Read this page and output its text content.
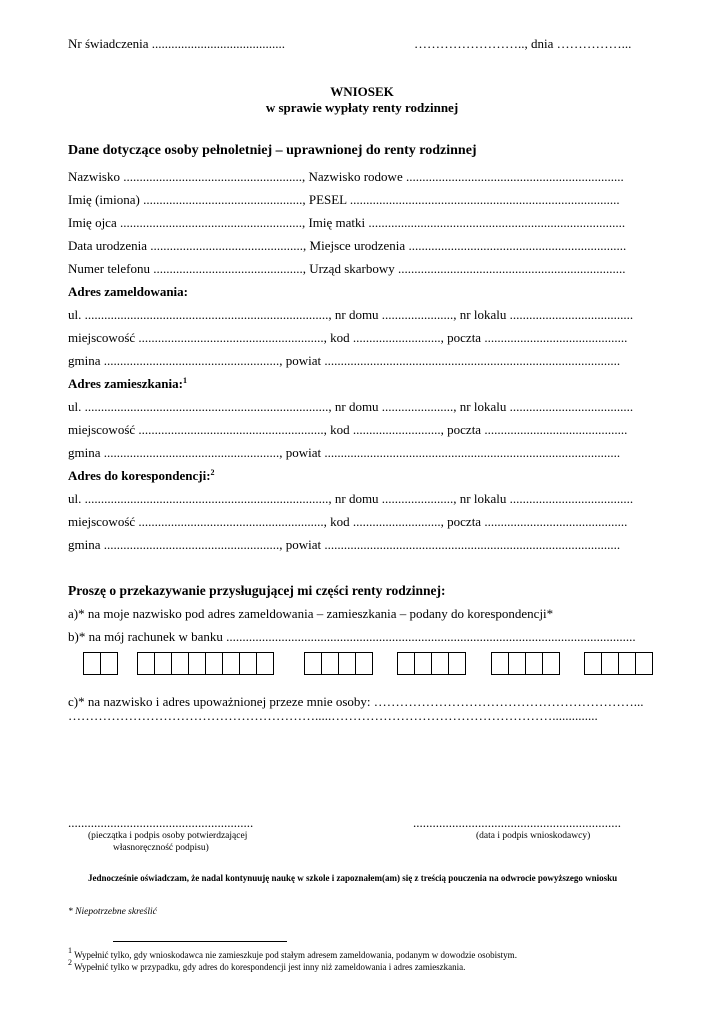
Nr świadczenia .........................................	…………………….., dnia ……………...
WNIOSEK
w sprawie wypłaty renty rodzinnej
Dane dotyczące osoby pełnoletniej – uprawnionej do renty rodzinnej
Nazwisko ......................................................., Nazwisko rodowe ...................................................................
Imię (imiona) ................................................., PESEL ...................................................................................
Imię ojca ........................................................, Imię matki ...............................................................................
Data urodzenia ..............................................., Miejsce urodzenia ...................................................................
Numer telefonu .............................................., Urząd skarbowy ......................................................................
Adres zameldowania:
ul. ..........................................................................., nr domu ......................, nr lokalu ......................................
miejscowość ........................................................., kod ..........................., poczta ............................................
gmina ......................................................, powiat ...........................................................................................
Adres zamieszkania:$^1$
ul. ..........................................................................., nr domu ......................, nr lokalu ......................................
miejscowość ........................................................., kod ..........................., poczta ............................................
gmina ......................................................, powiat ...........................................................................................
Adres do korespondencji:$^2$
ul. ..........................................................................., nr domu ......................, nr lokalu ......................................
miejscowość ........................................................., kod ..........................., poczta ............................................
gmina ......................................................, powiat ...........................................................................................
Proszę o przekazywanie przysługującej mi części renty rodzinnej:
a)* na moje nazwisko pod adres zameldowania – zamieszkania – podany do korespondencji*
b)* na mój rachunek w banku ..............................................................................................................................
c)* na nazwisko i adres upoważnionej przeze mnie osoby: ……………………………………………………...
………………………………………………….....……………………………………………..............
.........................................................
(pieczątka i podpis osoby potwierdzającej
własnoręczność podpisu)
................................................................
(data i podpis wnioskodawcy)
Jednocześnie oświadczam, że nadal kontynuuję naukę w szkole i zapoznałem(am) się z treścią pouczenia na odwrocie powyższego wniosku
* Niepotrzebne skreślić
$^1$ Wypełnić tylko, gdy wnioskodawca nie zamieszkuje pod stałym adresem zameldowania, podanym w dowodzie osobistym.
$^2$ Wypełnić tylko w przypadku, gdy adres do korespondencji jest inny niż zameldowania i adres zamieszkania.
